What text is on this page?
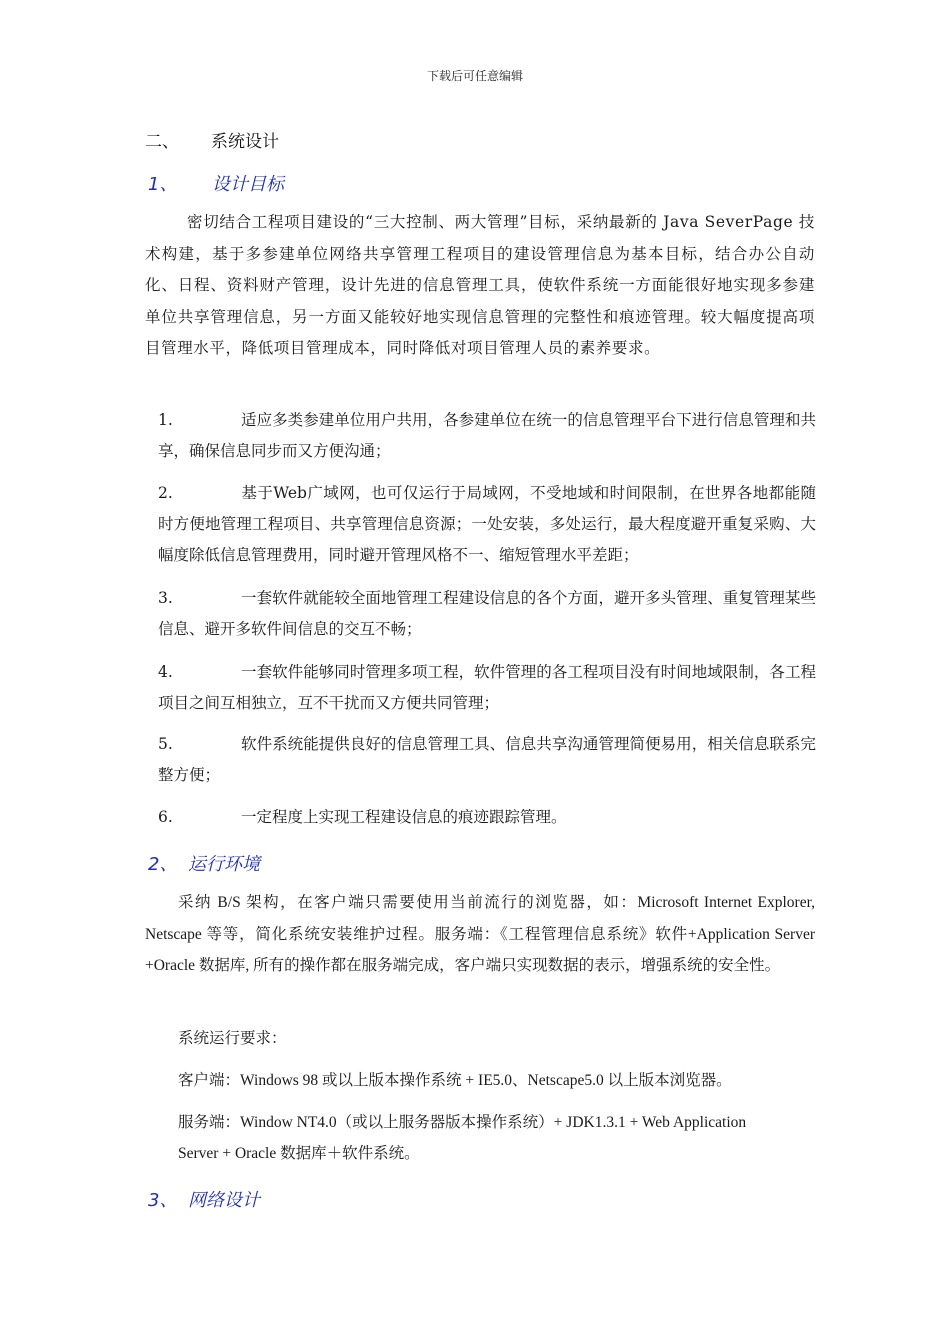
下载后可任意编辑
二、 系统设计
1、 设计目标
密切结合工程项目建设的“三大控制、两大管理”目标，采纳最新的 Java SeverPage 技术构建，基于多参建单位网络共享管理工程项目的建设管理信息为基本目标，结合办公自动化、日程、资料财产管理，设计先进的信息管理工具，使软件系统一方面能很好地实现多参建单位共享管理信息，另一方面又能较好地实现信息管理的完整性和痕迹管理。较大幅度提高项目管理水平，降低项目管理成本，同时降低对项目管理人员的素养要求。
1.	适应多类参建单位用户共用，各参建单位在统一的信息管理平台下进行信息管理和共享，确保信息同步而又方便沟通；
2.	基于Web广域网，也可仅运行于局域网，不受地域和时间限制，在世界各地都能随时方便地管理工程项目、共享管理信息资源；一处安装，多处运行，最大程度避开重复采购、大幅度除低信息管理费用，同时避开管理风格不一、缩短管理水平差距；
3.	一套软件就能较全面地管理工程建设信息的各个方面，避开多头管理、重复管理某些信息、避开多软件间信息的交互不畅；
4.	一套软件能够同时管理多项工程，软件管理的各工程项目没有时间地域限制，各工程项目之间互相独立，互不干扰而又方便共同管理；
5.	软件系统能提供良好的信息管理工具、信息共享沟通管理简便易用，相关信息联系完整方便；
6.	一定程度上实现工程建设信息的痕迹跟踪管理。
2、 运行环境
采纳 B/S 架构，在客户端只需要使用当前流行的浏览器，如：Microsoft Internet Explorer, Netscape 等等，简化系统安装维护过程。服务端：《工程管理信息系统》软件+Application Server +Oracle 数据库, 所有的操作都在服务端完成，客户端只实现数据的表示，增强系统的安全性。
系统运行要求：
客户端：Windows 98 或以上版本操作系统 + IE5.0、Netscape5.0 以上版本浏览器。
服务端：Window NT4.0（或以上服务器版本操作系统）+ JDK1.3.1 + Web Application
Server + Oracle 数据库＋软件系统。
3、 网络设计
